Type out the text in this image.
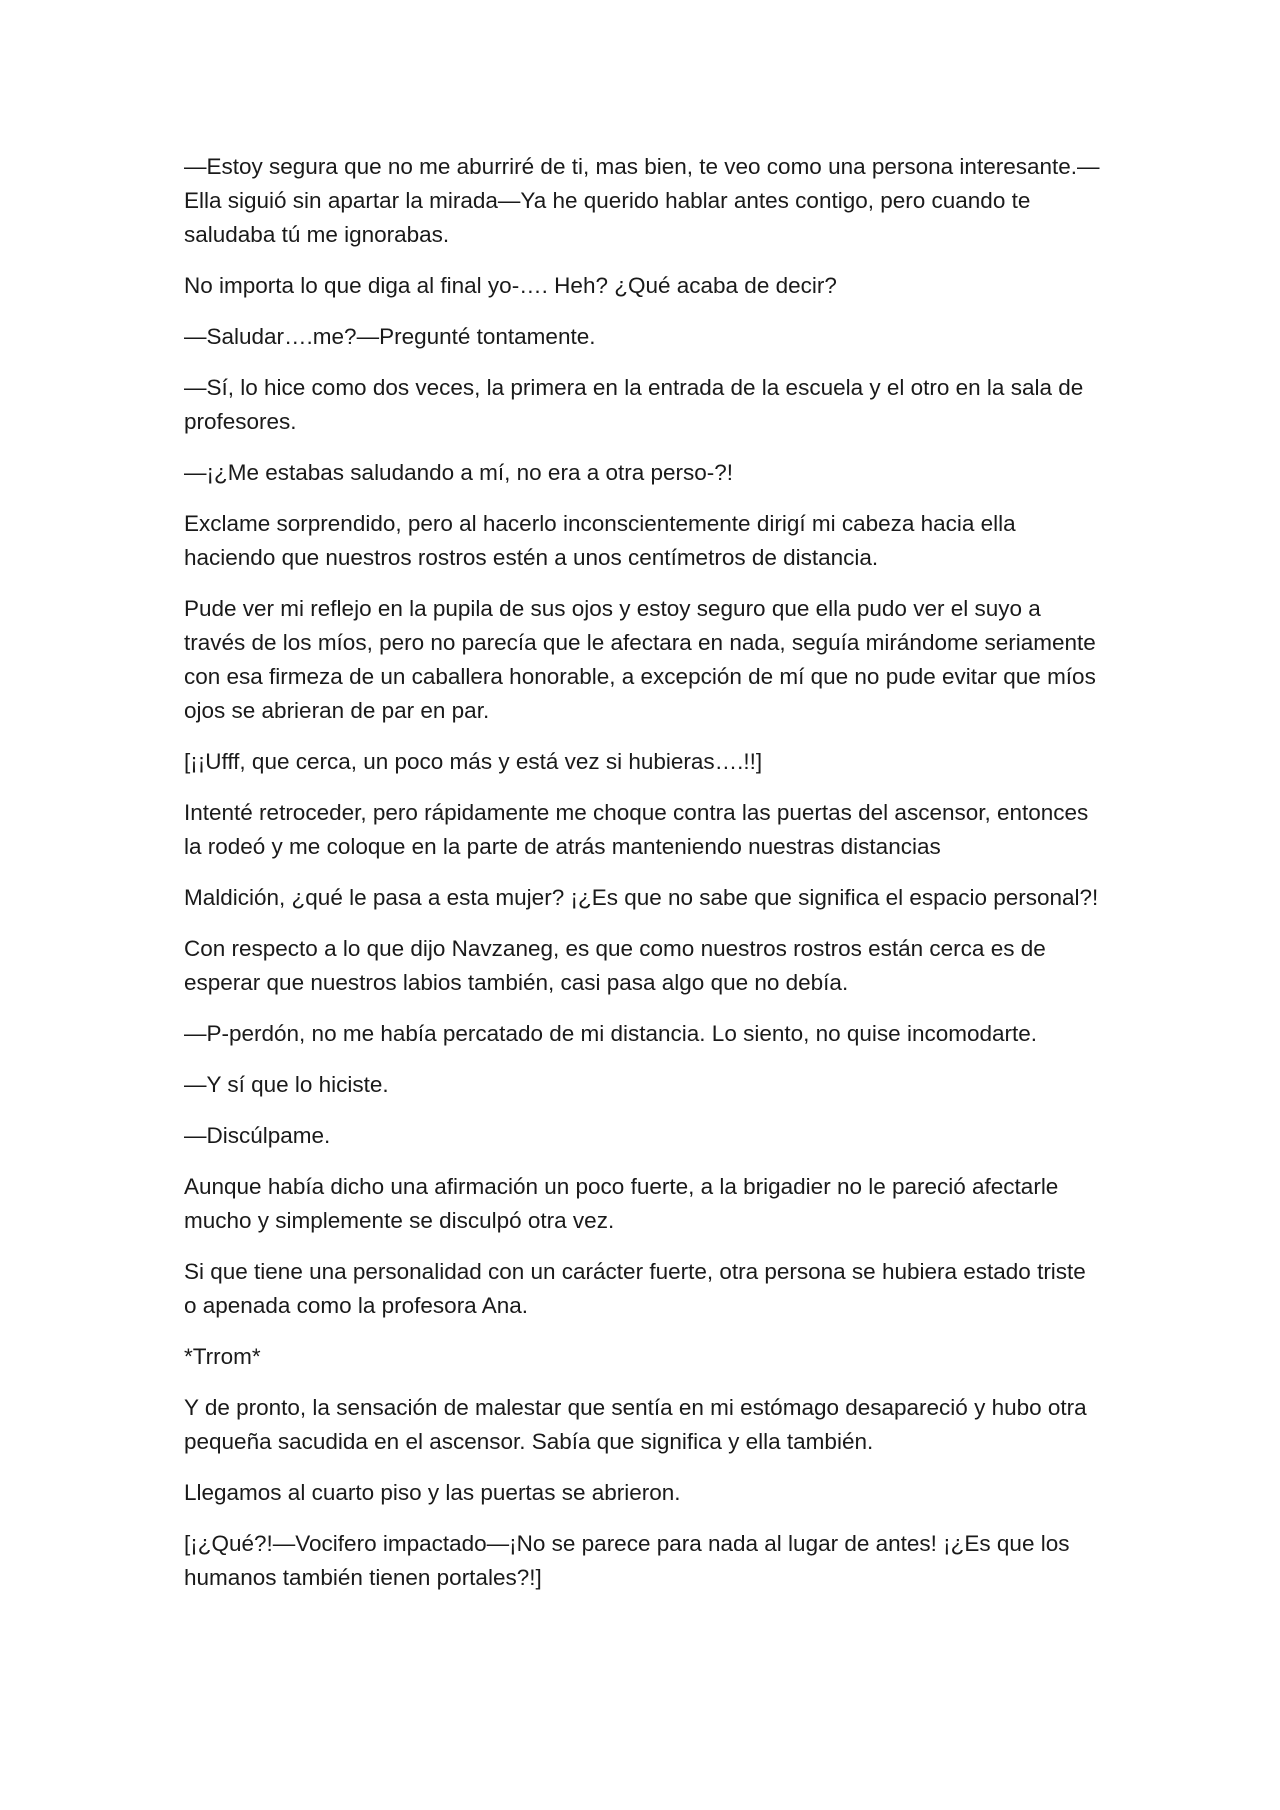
—Estoy segura que no me aburriré de ti, mas bien, te veo como una persona interesante.—Ella siguió sin apartar la mirada—Ya he querido hablar antes contigo, pero cuando te saludaba tú me ignorabas.

No importa lo que diga al final yo-…. Heh? ¿Qué acaba de decir?

—Saludar….me?—Pregunté tontamente.

—Sí, lo hice como dos veces, la primera en la entrada de la escuela y el otro en la sala de profesores.

—¡¿Me estabas saludando a mí, no era a otra perso-?!

Exclame sorprendido, pero al hacerlo inconscientemente dirigí mi cabeza hacia ella haciendo que nuestros rostros estén a unos centímetros de distancia.

Pude ver mi reflejo en la pupila de sus ojos y estoy seguro que ella pudo ver el suyo a través de los míos, pero no parecía que le afectara en nada, seguía mirándome seriamente con esa firmeza de un caballera honorable, a excepción de mí que no pude evitar que míos ojos se abrieran de par en par.

[¡¡Ufff, que cerca, un poco más y está vez si hubieras….!!]

Intenté retroceder, pero rápidamente me choque contra las puertas del ascensor, entonces la rodeó y me coloque en la parte de atrás manteniendo nuestras distancias

Maldición, ¿qué le pasa a esta mujer? ¡¿Es que no sabe que significa el espacio personal?!

Con respecto a lo que dijo Navzaneg, es que como nuestros rostros están cerca es de esperar que nuestros labios también, casi pasa algo que no debía.

—P-perdón, no me había percatado de mi distancia. Lo siento, no quise incomodarte.

—Y sí que lo hiciste.

—Discúlpame.

Aunque había dicho una afirmación un poco fuerte, a la brigadier no le pareció afectarle mucho y simplemente se disculpó otra vez.

Si que tiene una personalidad con un carácter fuerte, otra persona se hubiera estado triste o apenada como la profesora Ana.

*Trrom*

Y de pronto, la sensación de malestar que sentía en mi estómago desapareció y hubo otra pequeña sacudida en el ascensor. Sabía que significa y ella también.

Llegamos al cuarto piso y las puertas se abrieron.

[¡¿Qué?!—Vocifero impactado—¡No se parece para nada al lugar de antes! ¡¿Es que los humanos también tienen portales?!]
